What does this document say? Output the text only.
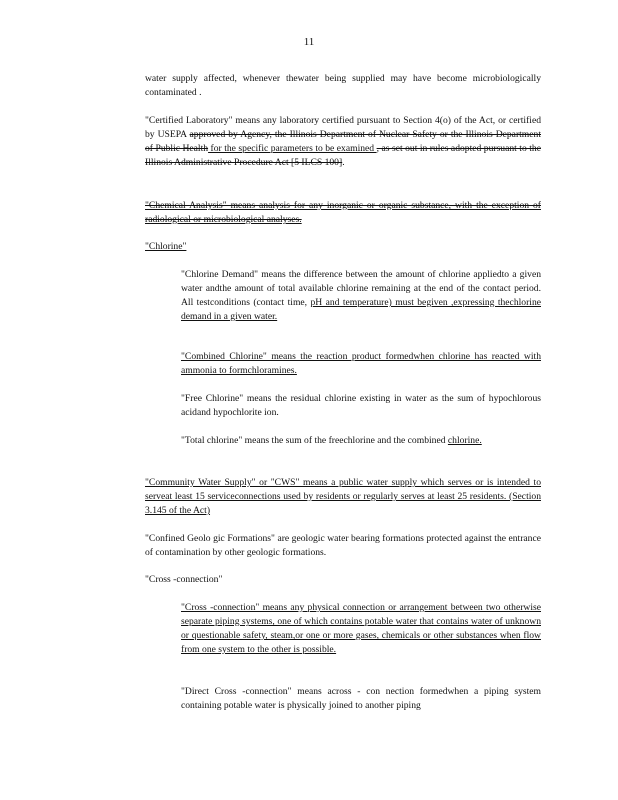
11
water supply affected, whenever thewater being supplied may have become microbiologically contaminated .
"Certified Laboratory" means any laboratory certified pursuant to Section 4(o) of the Act, or certified by USEPA approved by Agency, the Illinois Department of Nuclear Safety or the Illinois Department of Public Health for the specific parameters to be examined , as set out in rules adopted pursuant to the Illinois Administrative Procedure Act [5 ILCS 100].
"Chemical Analysis" means analysis for any inorganic or organic substance, with the exception of radiological or microbiological analyses.
"Chlorine"
"Chlorine Demand" means the difference between the amount of chlorine appliedto a given water andthe amount of total available chlorine remaining at the end of the contact period. All testconditions (contact time, pH and temperature) must begiven ,expressing thechlorine demand in a given water.
"Combined Chlorine" means the reaction product formedwhen chlorine has reacted with ammonia to formchloramines.
"Free Chlorine" means the residual chlorine existing in water as the sum of hypochlorous acidand hypochlorite ion.
"Total chlorine" means the sum of the freechlorine and the combined chlorine.
"Community Water Supply" or "CWS" means a public water supply which serves or is intended to serveat least 15 serviceconnections used by residents or regularly serves at least 25 residents. (Section 3.145 of the Act)
"Confined Geolo gic Formations" are geologic water bearing formations protected against the entrance of contamination by other geologic formations.
"Cross -connection"
"Cross -connection" means any physical connection or arrangement between two otherwise separate piping systems, one of which contains potable water that contains water of unknown or questionable safety, steam,or one or more gases, chemicals or other substances when flow from one system to the other is possible.
"Direct Cross -connection" means across - con nection formedwhen a piping system containing potable water is physically joined to another piping
